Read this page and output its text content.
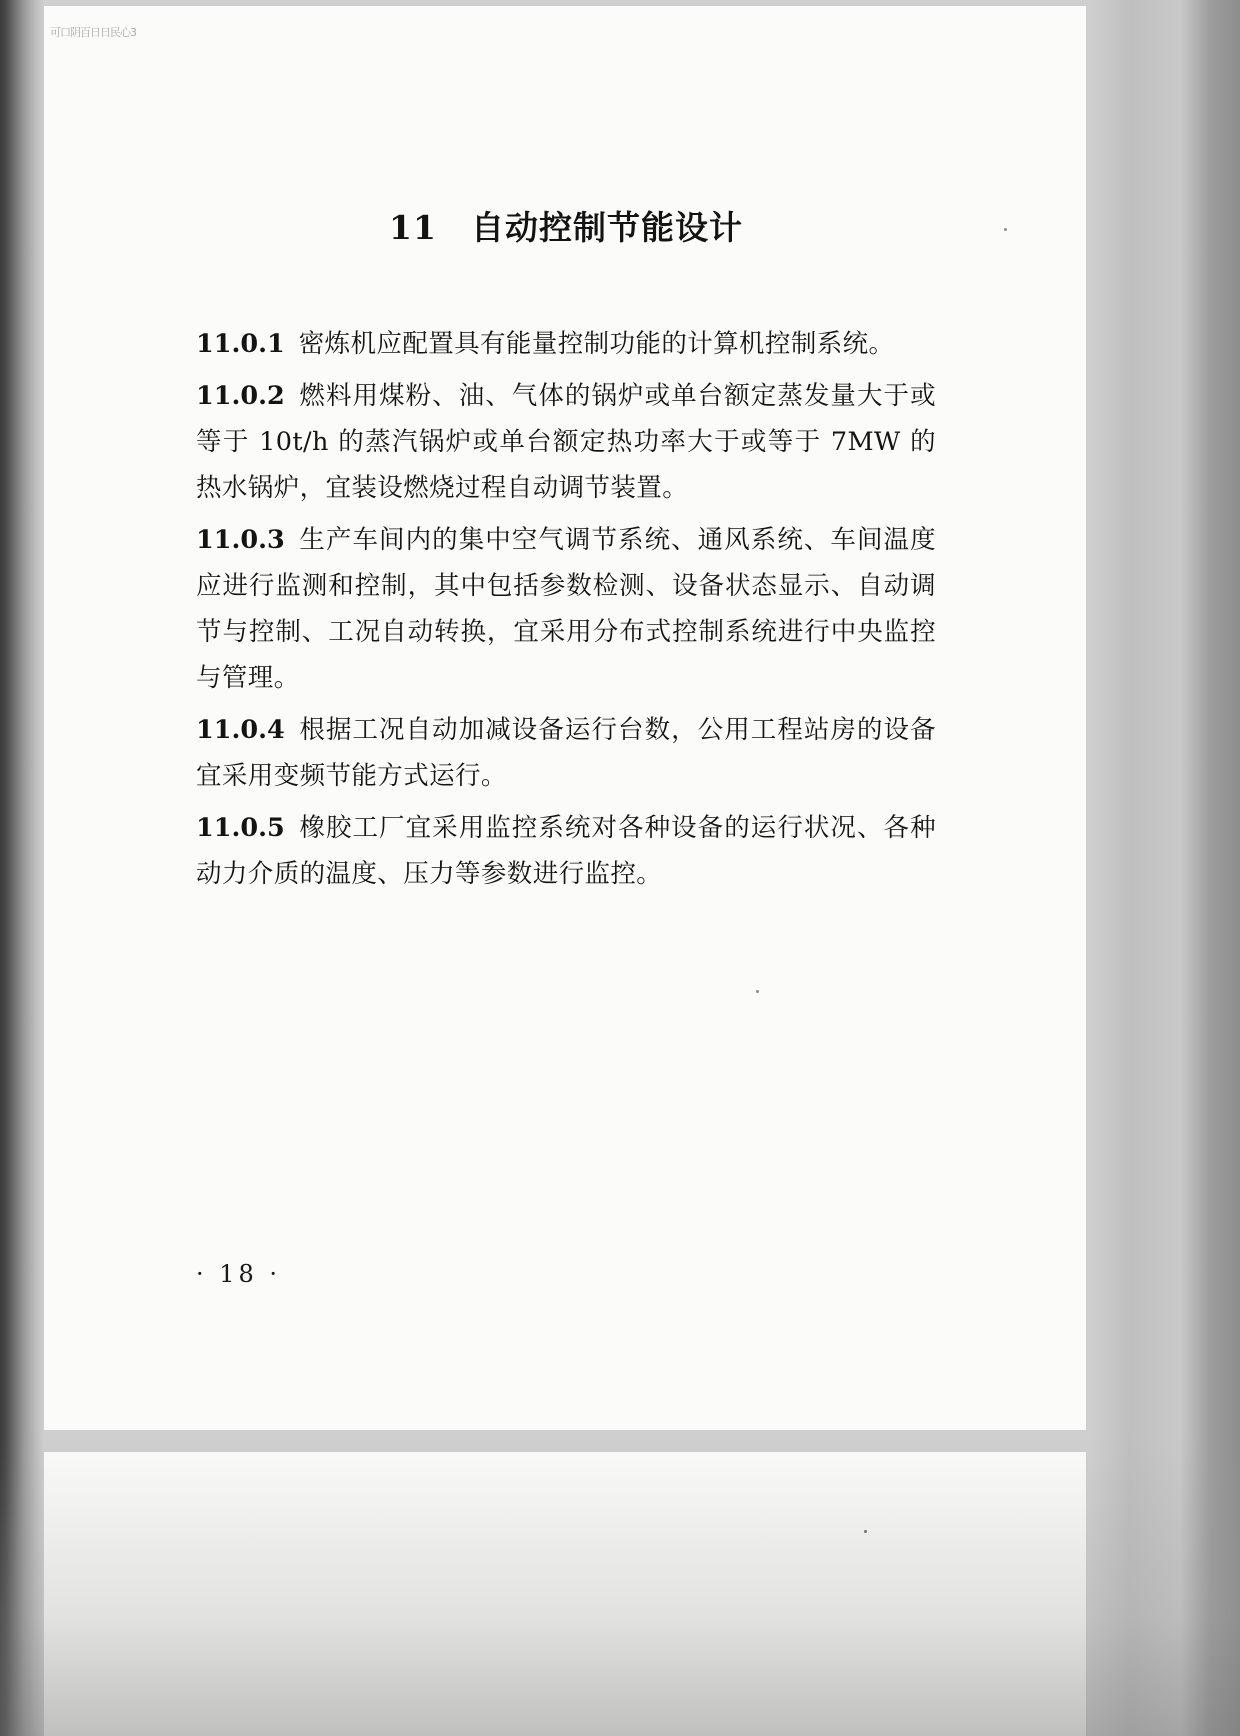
可口阴百日日民心3
11 自动控制节能设计

11.0.1 密炼机应配置具有能量控制功能的计算机控制系统。

11.0.2 燃料用煤粉、油、气体的锅炉或单台额定蒸发量大于或等于 10t/h 的蒸汽锅炉或单台额定热功率大于或等于 7MW 的热水锅炉，宜装设燃烧过程自动调节装置。

11.0.3 生产车间内的集中空气调节系统、通风系统、车间温度应进行监测和控制，其中包括参数检测、设备状态显示、自动调节与控制、工况自动转换，宜采用分布式控制系统进行中央监控与管理。

11.0.4 根据工况自动加减设备运行台数，公用工程站房的设备宜采用变频节能方式运行。

11.0.5 橡胶工厂宜采用监控系统对各种设备的运行状况、各种动力介质的温度、压力等参数进行监控。

· 18 ·
